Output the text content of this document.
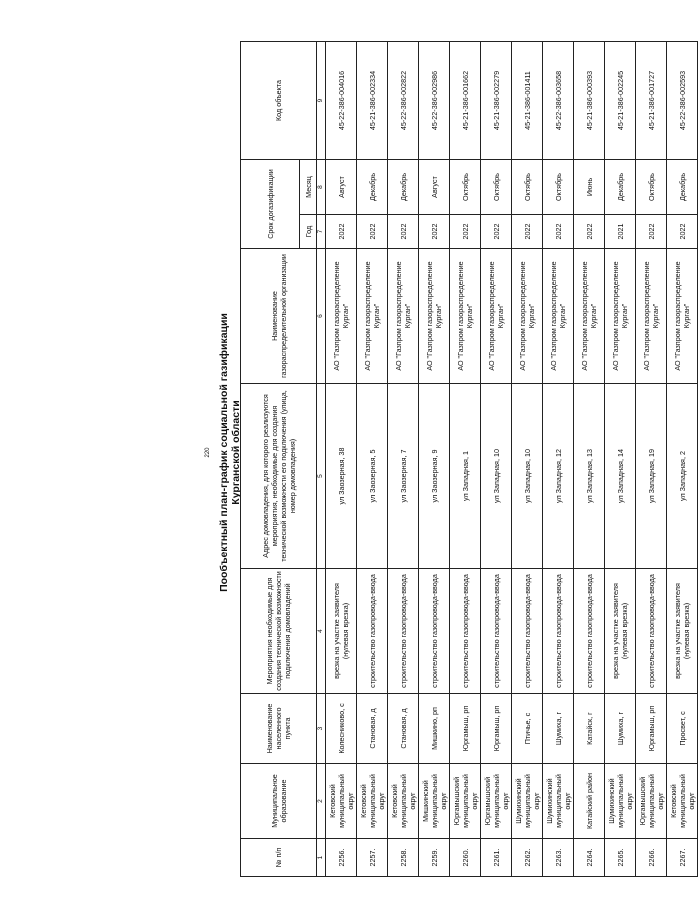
220 Пообъектный план-график социальной газификации Курганской области
№ п/п	Муниципальное образование	Наименование населенного пункта	Мероприятия необходимые для создания технической возможности подключения домовладений	Адрес домовладения, для которого реализуются мероприятия, необходимые для создания технической возможности его подключения (улица, номер домовладения)	Наименование газораспределительной организации	Срок догазификации		Код объекта
						Год	Месяц	
1	2	3	4	5	6	7	8	9
2256.	Кетовский муниципальный округ	Колесниково, с	врезка на участке заявителя (нулевая врезка)	ул Заозерная, 38	АО "Газпром газораспределение Курган"	2022	Август	45-22-386-004016
2257.	Кетовский муниципальный округ	Становая, д	строительство газопровода-ввода	ул Заозерная, 5	АО "Газпром газораспределение Курган"	2022	Декабрь	45-21-386-002334
2258.	Кетовский муниципальный округ	Становая, д	строительство газопровода-ввода	ул Заозерная, 7	АО "Газпром газораспределение Курган"	2022	Декабрь	45-22-386-002822
2259.	Мишкинский муниципальный округ	Мишкино, рп	строительство газопровода-ввода	ул Заозерная, 9	АО "Газпром газораспределение Курган"	2022	Август	45-22-386-002986
2260.	Юргамышский муниципальный округ	Юргамыш, рп	строительство газопровода-ввода	ул Западная, 1	АО "Газпром газораспределение Курган"	2022	Октябрь	45-21-386-001662
2261.	Юргамышский муниципальный округ	Юргамыш, рп	строительство газопровода-ввода	ул Западная, 10	АО "Газпром газораспределение Курган"	2022	Октябрь	45-21-386-002279
2262.	Шумихинский муниципальный округ	Птичье, с	строительство газопровода-ввода	ул Западная, 10	АО "Газпром газораспределение Курган"	2022	Октябрь	45-21-386-001411
2263.	Шумихинский муниципальный округ	Шумиха, г	строительство газопровода-ввода	ул Западная, 12	АО "Газпром газораспределение Курган"	2022	Октябрь	45-22-386-003658
2264.	Катайский район	Катайск, г	строительство газопровода-ввода	ул Западная, 13	АО "Газпром газораспределение Курган"	2022	Июнь	45-21-386-000393
2265.	Шумихинский муниципальный округ	Шумиха, г	врезка на участке заявителя (нулевая врезка)	ул Западная, 14	АО "Газпром газораспределение Курган"	2021	Декабрь	45-21-386-002245
2266.	Юргамышский муниципальный округ	Юргамыш, рп	строительство газопровода-ввода	ул Западная, 19	АО "Газпром газораспределение Курган"	2022	Октябрь	45-21-386-001727
2267.	Кетовский муниципальный округ	Просвет, с	врезка на участке заявителя (нулевая врезка)	ул Западная, 2	АО "Газпром газораспределение Курган"	2022	Декабрь	45-22-386-002593
